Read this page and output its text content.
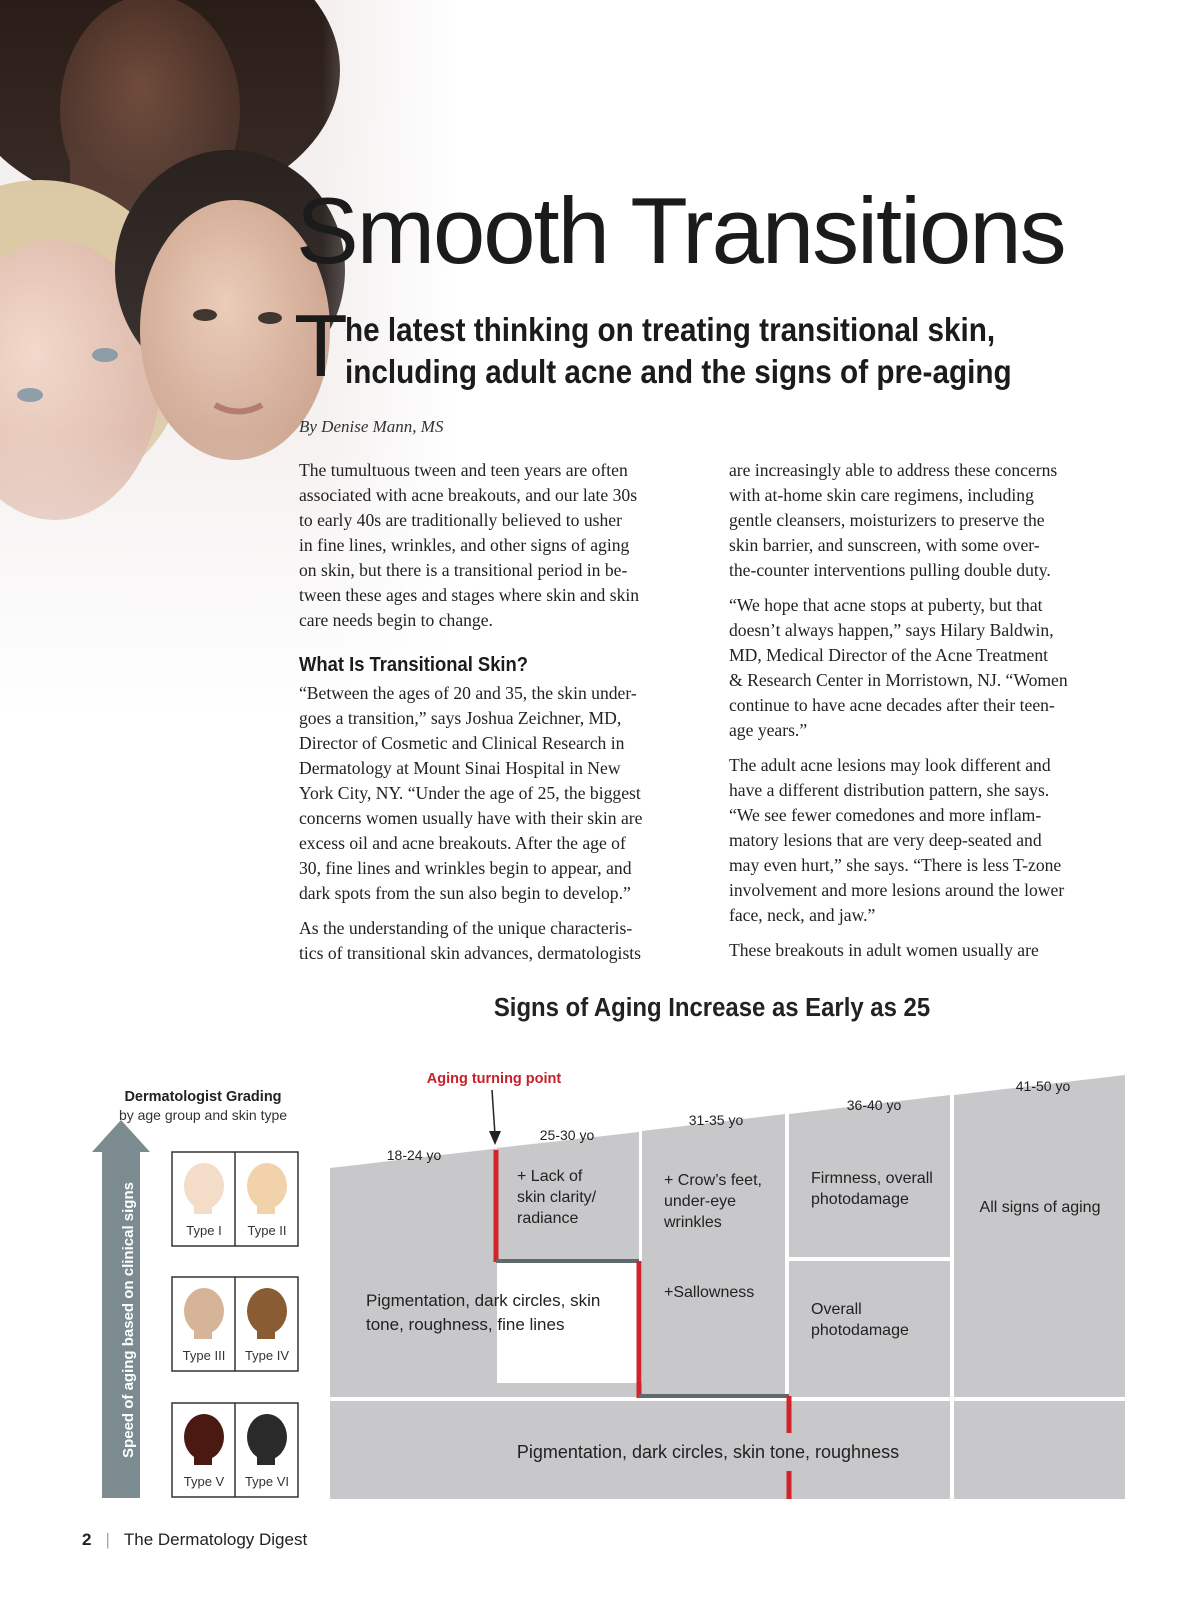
Smooth Transitions
T
he latest thinking on treating transitional skin,
including adult acne and the signs of pre-aging
By Denise Mann, MS

The tumultuous tween and teen years are often
associated with acne breakouts, and our late 30s
to early 40s are traditionally believed to usher
in fine lines, wrinkles, and other signs of aging
on skin, but there is a transitional period in be-
tween these ages and stages where skin and skin
care needs begin to change.

What Is Transitional Skin?

“Between the ages of 20 and 35, the skin under-
goes a transition,” says Joshua Zeichner, MD,
Director of Cosmetic and Clinical Research in
Dermatology at Mount Sinai Hospital in New
York City, NY. “Under the age of 25, the biggest
concerns women usually have with their skin are
excess oil and acne breakouts. After the age of
30, fine lines and wrinkles begin to appear, and
dark spots from the sun also begin to develop.”

As the understanding of the unique characteris-
tics of transitional skin advances, dermatologists

are increasingly able to address these concerns
with at-home skin care regimens, including
gentle cleansers, moisturizers to preserve the
skin barrier, and sunscreen, with some over-
the-counter interventions pulling double duty.

“We hope that acne stops at puberty, but that
doesn’t always happen,” says Hilary Baldwin,
MD, Medical Director of the Acne Treatment
& Research Center in Morristown, NJ. “Women
continue to have acne decades after their teen-
age years.”

The adult acne lesions may look different and
have a different distribution pattern, she says.
“We see fewer comedones and more inflam-
matory lesions that are very deep-seated and
may even hurt,” she says. “There is less T-zone
involvement and more lesions around the lower
face, neck, and jaw.”

These breakouts in adult women usually are

Signs of Aging Increase as Early as 25
Dermatologist Grading
by age group and skin type
Speed of aging based on clinical signs	Type I Type II
Type III Type IV
Type V Type VI
Aging turning point
18-24 yo
25-30 yo
31-35 yo
36-40 yo
41-50 yo
Pigmentation, dark circles, skin
tone, roughness, fine lines
+ Lack of
skin clarity/
radiance
+ Crow’s feet,
under-eye
wrinkles
+Sallowness
Firmness, overall
photodamage
Overall
photodamage
All signs of aging
Pigmentation, dark circles, skin tone, roughness
2 | The Dermatology Digest
